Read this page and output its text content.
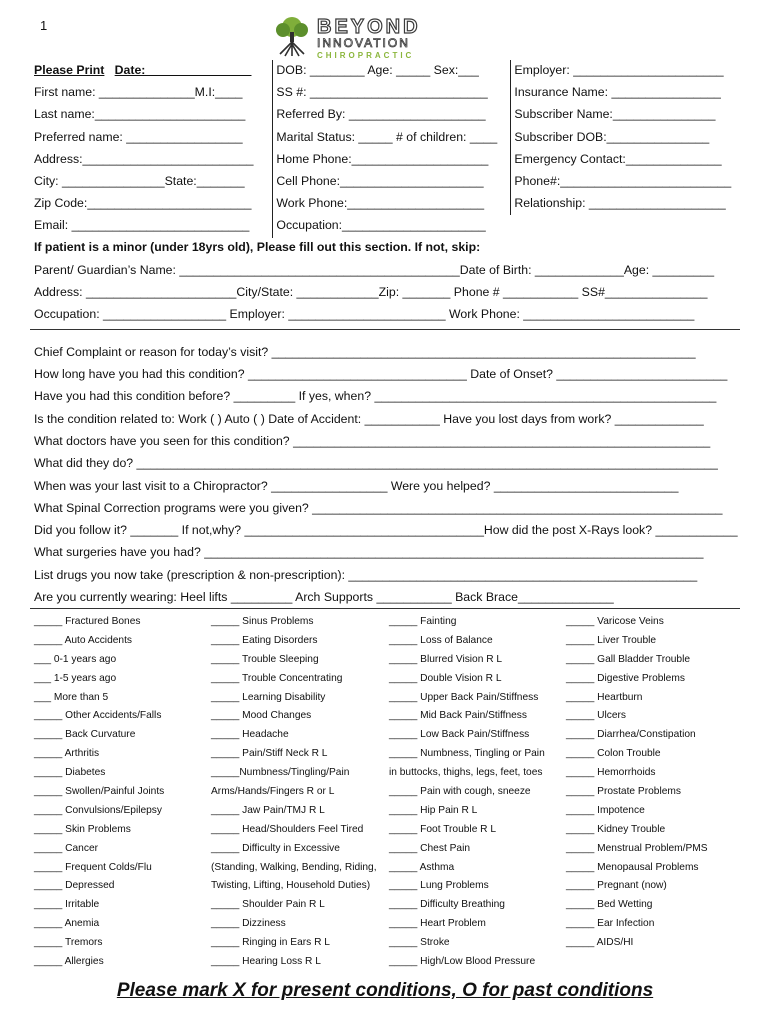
1	BEYOND
INNOVATION
CHIROPRACTIC
Please Print Date: _______________
First name: ______________M.I:____
Last name:______________________
Preferred name: _________________
Address:_________________________
City: _______________State:_______
Zip Code:________________________
Email: __________________________
DOB: ________ Age: _____ Sex:___
SS #: __________________________
Referred By: ____________________
Marital Status: _____ # of children: ____
Home Phone:____________________
Cell Phone:_____________________
Work Phone:____________________
Occupation:_____________________
Employer: ______________________
Insurance Name: ________________
Subscriber Name:_______________
Subscriber DOB:_______________
Emergency Contact:______________
Phone#:_________________________
Relationship: ____________________
If patient is a minor (under 18yrs old), Please fill out this section. If not, skip:
Parent/ Guardian’s Name: _________________________________________Date of Birth: _____________Age: _________
Address: ______________________City/State: ____________Zip: _______ Phone # ___________ SS#_______________
Occupation: __________________ Employer: _______________________ Work Phone: _________________________
Chief Complaint or reason for today’s visit? ______________________________________________________________
How long have you had this condition? ________________________________ Date of Onset? _________________________
Have you had this condition before? _________ If yes, when? __________________________________________________
Is the condition related to: Work ( ) Auto ( ) Date of Accident: ___________ Have you lost days from work? _____________
What doctors have you seen for this condition? _____________________________________________________________
What did they do? _____________________________________________________________________________________
When was your last visit to a Chiropractor? _________________ Were you helped? ___________________________
What Spinal Correction programs were you given? ____________________________________________________________
Did you follow it? _______ If not,why? ___________________________________How did the post X-Rays look? ____________
What surgeries have you had? _________________________________________________________________________
List drugs you now take (prescription & non-prescription): ___________________________________________________
Are you currently wearing: Heel lifts _________ Arch Supports ___________ Back Brace______________
_____ Fractured Bones
_____ Auto Accidents
___ 0-1 years ago
___ 1-5 years ago
___ More than 5
_____ Other Accidents/Falls
_____ Back Curvature
_____ Arthritis
_____ Diabetes
_____ Swollen/Painful Joints
_____ Convulsions/Epilepsy
_____ Skin Problems
_____ Cancer
_____ Frequent Colds/Flu
_____ Depressed
_____ Irritable
_____ Anemia
_____ Tremors
_____ Allergies
_____ Sinus Problems
_____ Eating Disorders
_____ Trouble Sleeping
_____ Trouble Concentrating
_____ Learning Disability
_____ Mood Changes
_____ Headache
_____ Pain/Stiff Neck R L
_____Numbness/Tingling/Pain
Arms/Hands/Fingers R or L
_____ Jaw Pain/TMJ R L
_____ Head/Shoulders Feel Tired
_____ Difficulty in Excessive
(Standing, Walking, Bending, Riding,
Twisting, Lifting, Household Duties)
_____ Shoulder Pain R L
_____ Dizziness
_____ Ringing in Ears R L
_____ Hearing Loss R L
_____ Fainting
_____ Loss of Balance
_____ Blurred Vision R L
_____ Double Vision R L
_____ Upper Back Pain/Stiffness
_____ Mid Back Pain/Stiffness
_____ Low Back Pain/Stiffness
_____ Numbness, Tingling or Pain
in buttocks, thighs, legs, feet, toes
_____ Pain with cough, sneeze
_____ Hip Pain R L
_____ Foot Trouble R L
_____ Chest Pain
_____ Asthma
_____ Lung Problems
_____ Difficulty Breathing
_____ Heart Problem
_____ Stroke
_____ High/Low Blood Pressure
_____ Varicose Veins
_____ Liver Trouble
_____ Gall Bladder Trouble
_____ Digestive Problems
_____ Heartburn
_____ Ulcers
_____ Diarrhea/Constipation
_____ Colon Trouble
_____ Hemorrhoids
_____ Prostate Problems
_____ Impotence
_____ Kidney Trouble
_____ Menstrual Problem/PMS
_____ Menopausal Problems
_____ Pregnant (now)
_____ Bed Wetting
_____ Ear Infection
_____ AIDS/HI
Please mark X for present conditions, O for past conditions
